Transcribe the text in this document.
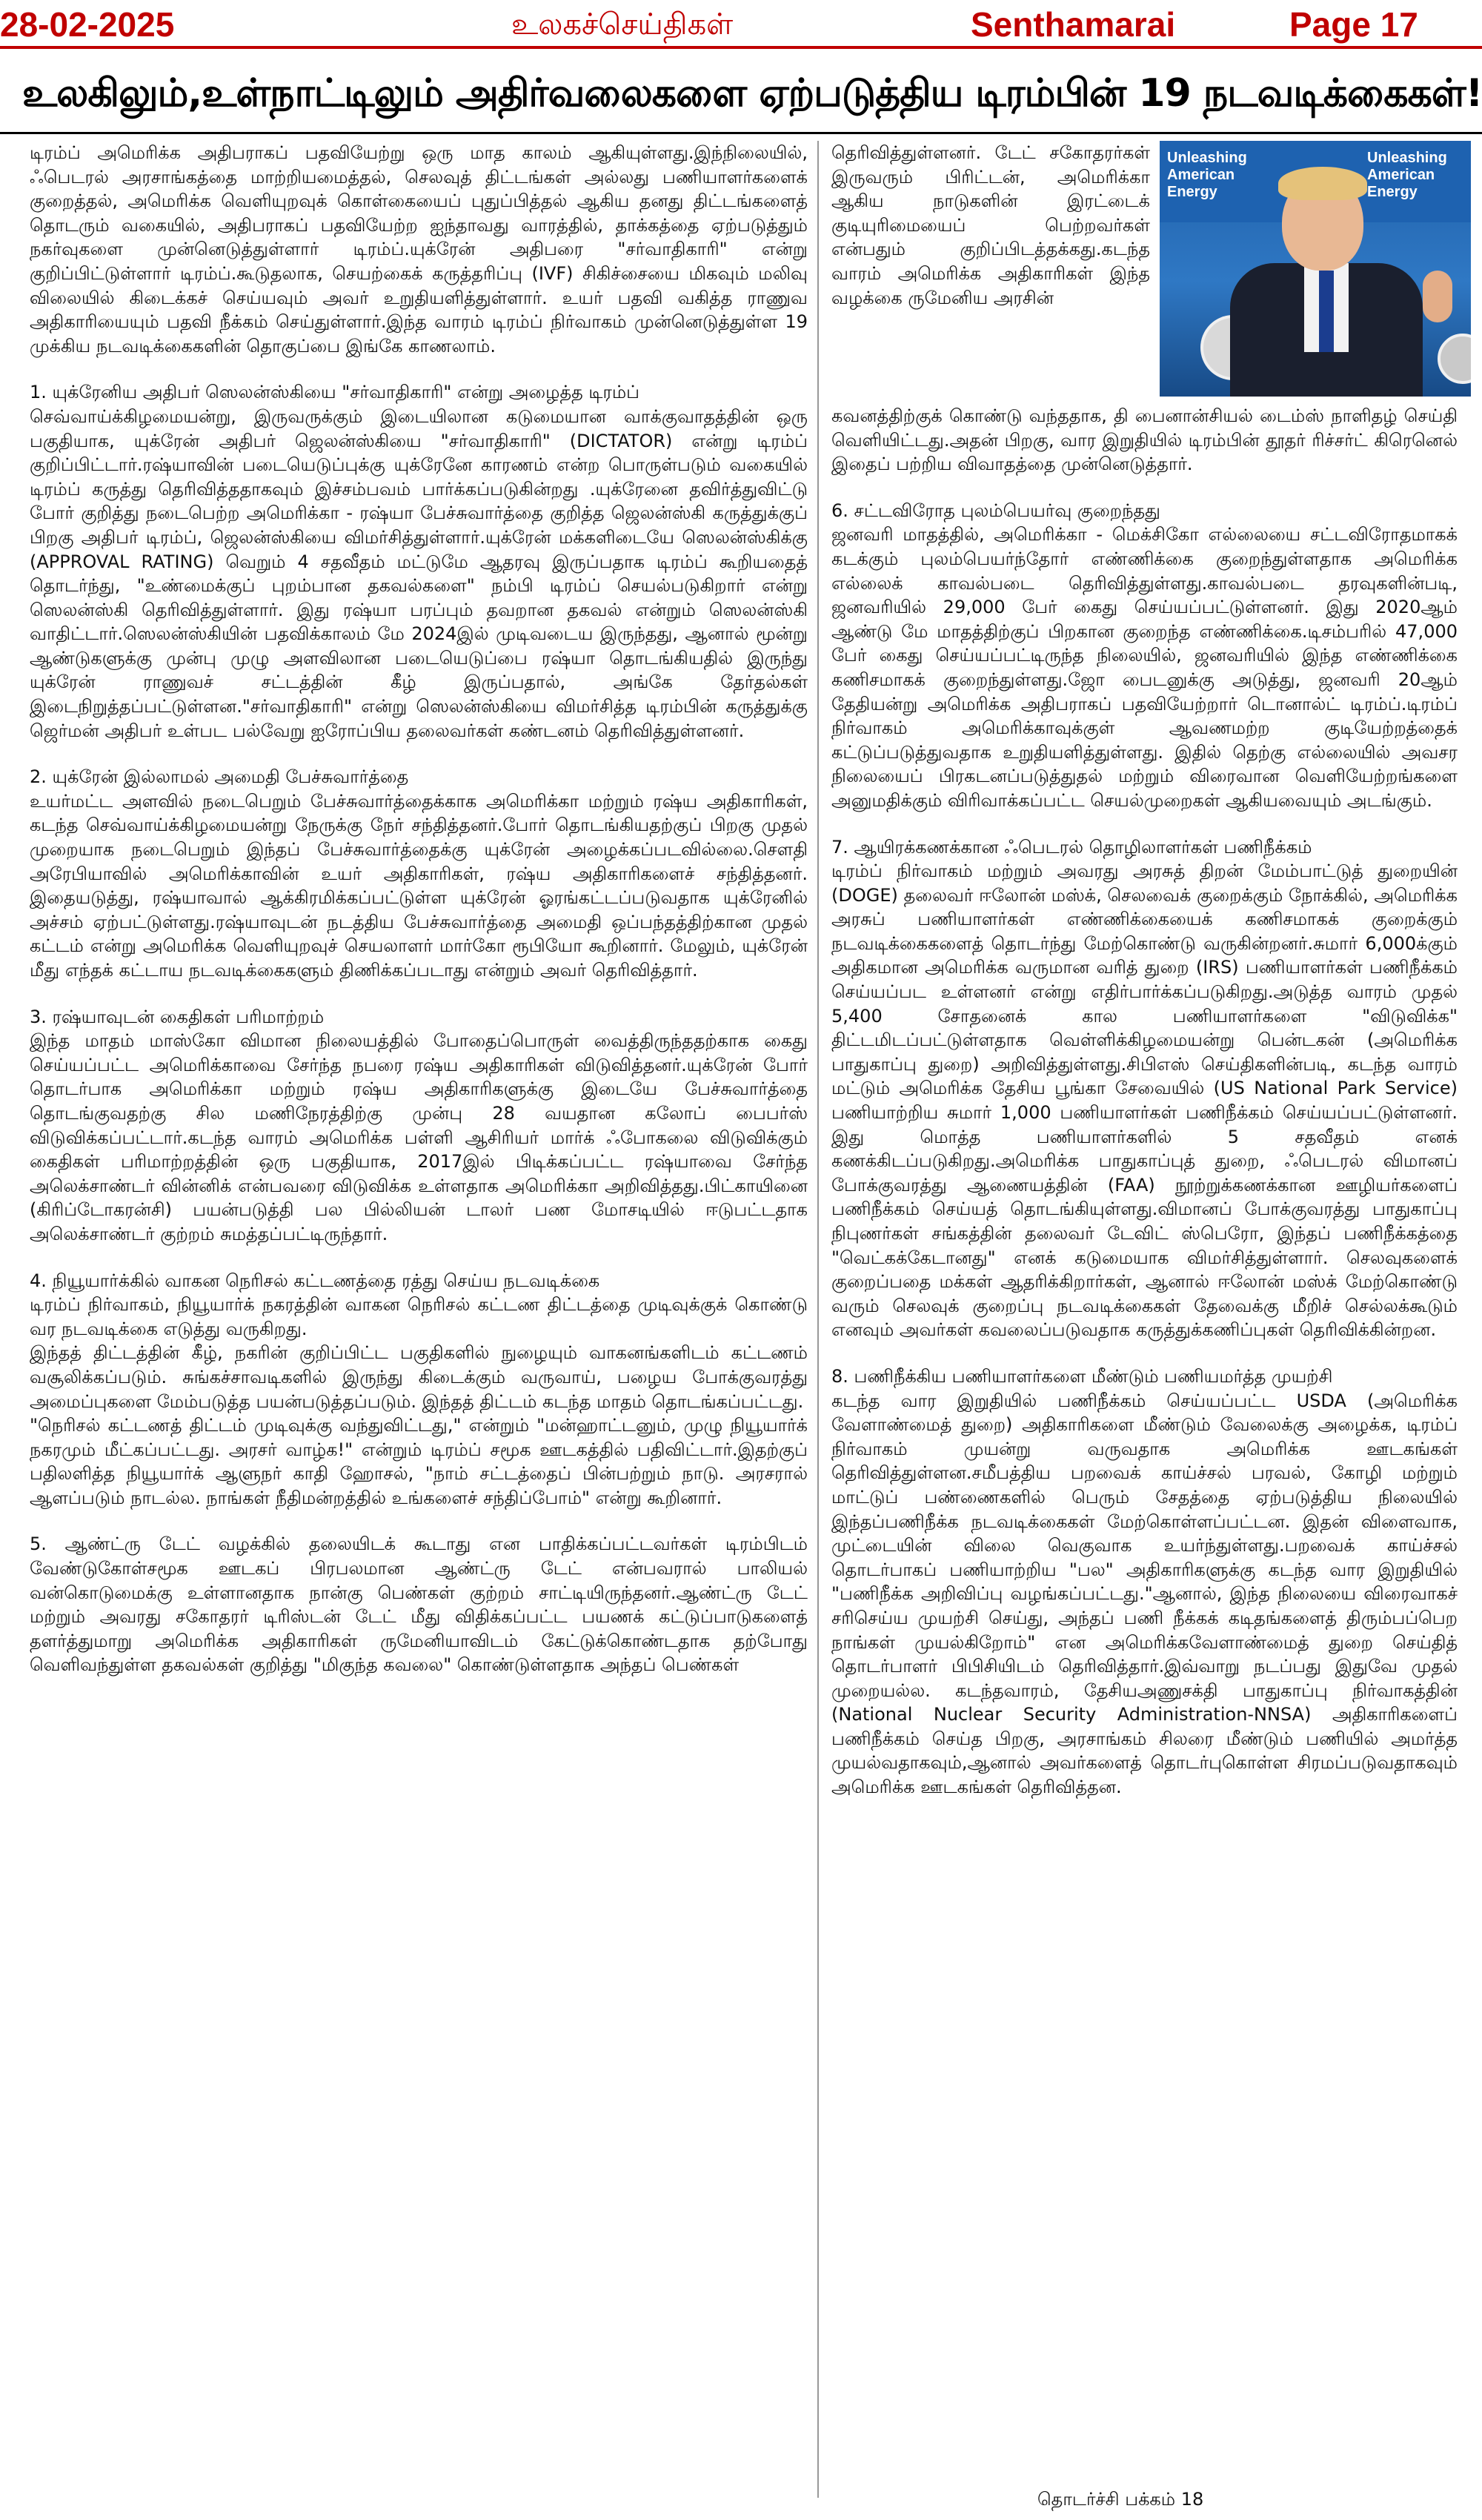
28-02-2025	உலகச்செய்திகள்	Senthamarai	Page 17
உலகிலும்,உள்நாட்டிலும் அதிர்வலைகளை ஏற்படுத்திய டிரம்பின் 19 நடவடிக்கைகள்!

டிரம்ப் அமெரிக்க அதிபராகப் பதவியேற்று ஒரு மாத காலம் ஆகியுள்ளது.இந்நிலையில், ஃபெடரல் அரசாங்கத்தை மாற்றியமைத்தல், செலவுத் திட்டங்கள் அல்லது பணியாளர்களைக் குறைத்தல், அமெரிக்க வெளியுறவுக் கொள்கையைப் புதுப்பித்தல் ஆகிய தனது திட்டங்களைத் தொடரும் வகையில், அதிபராகப் பதவியேற்ற ஐந்தாவது வாரத்தில், தாக்கத்தை ஏற்படுத்தும் நகர்வுகளை முன்னெடுத்துள்ளார் டிரம்ப்.யுக்ரேன் அதிபரை "சர்வாதிகாரி" என்று குறிப்பிட்டுள்ளார் டிரம்ப்.கூடுதலாக, செயற்கைக் கருத்தரிப்பு (IVF) சிகிச்சையை மிகவும் மலிவு விலையில் கிடைக்கச் செய்யவும் அவர் உறுதியளித்துள்ளார். உயர் பதவி வகித்த ராணுவ அதிகாரியையும் பதவி நீக்கம் செய்துள்ளார்.இந்த வாரம் டிரம்ப் நிர்வாகம் முன்னெடுத்துள்ள 19 முக்கிய நடவடிக்கைகளின் தொகுப்பை இங்கே காணலாம்.

1. யுக்ரேனிய அதிபர் ஸெலன்ஸ்கியை "சர்வாதிகாரி" என்று அழைத்த டிரம்ப்
செவ்வாய்க்கிழமையன்று, இருவருக்கும் இடையிலான கடுமையான வாக்குவாதத்தின் ஒரு பகுதியாக, யுக்ரேன் அதிபர் ஜெலன்ஸ்கியை "சர்வாதிகாரி" (DICTATOR) என்று டிரம்ப் குறிப்பிட்டார்.ரஷ்யாவின் படையெடுப்புக்கு யுக்ரேனே காரணம் என்ற பொருள்படும் வகையில் டிரம்ப் கருத்து தெரிவித்ததாகவும் இச்சம்பவம் பார்க்கப்படுகின்றது .யுக்ரேனை தவிர்த்துவிட்டு போர் குறித்து நடைபெற்ற அமெரிக்கா - ரஷ்யா பேச்சுவார்த்தை குறித்த ஜெலன்ஸ்கி கருத்துக்குப் பிறகு அதிபர் டிரம்ப், ஜெலன்ஸ்கியை விமர்சித்துள்ளார்.யுக்ரேன் மக்களிடையே ஸெலன்ஸ்கிக்கு (APPROVAL RATING) வெறும் 4 சதவீதம் மட்டுமே ஆதரவு இருப்பதாக டிரம்ப் கூறியதைத் தொடர்ந்து, "உண்மைக்குப் புறம்பான தகவல்களை" நம்பி டிரம்ப் செயல்படுகிறார் என்று ஸெலன்ஸ்கி தெரிவித்துள்ளார். இது ரஷ்யா பரப்பும் தவறான தகவல் என்றும் ஸெலன்ஸ்கி வாதிட்டார்.ஸெலன்ஸ்கியின் பதவிக்காலம் மே 2024இல் முடிவடைய இருந்தது, ஆனால் மூன்று ஆண்டுகளுக்கு முன்பு முழு அளவிலான படையெடுப்பை ரஷ்யா தொடங்கியதில் இருந்து யுக்ரேன் ராணுவச் சட்டத்தின் கீழ் இருப்பதால், அங்கே தேர்தல்கள் இடைநிறுத்தப்பட்டுள்ளன."சர்வாதிகாரி" என்று ஸெலன்ஸ்கியை விமர்சித்த டிரம்பின் கருத்துக்கு ஜெர்மன் அதிபர் உள்பட பல்வேறு ஐரோப்பிய தலைவர்கள் கண்டனம் தெரிவித்துள்ளனர்.

2. யுக்ரேன் இல்லாமல் அமைதி பேச்சுவார்த்தை
உயர்மட்ட அளவில் நடைபெறும் பேச்சுவார்த்தைக்காக அமெரிக்கா மற்றும் ரஷ்ய அதிகாரிகள், கடந்த செவ்வாய்க்கிழமையன்று நேருக்கு நேர் சந்தித்தனர்.போர் தொடங்கியதற்குப் பிறகு முதல் முறையாக நடைபெறும் இந்தப் பேச்சுவார்த்தைக்கு யுக்ரேன் அழைக்கப்படவில்லை.சௌதி அரேபியாவில் அமெரிக்காவின் உயர் அதிகாரிகள், ரஷ்ய அதிகாரிகளைச் சந்தித்தனர். இதையடுத்து, ரஷ்யாவால் ஆக்கிரமிக்கப்பட்டுள்ள யுக்ரேன் ஓரங்கட்டப்படுவதாக யுக்ரேனில் அச்சம் ஏற்பட்டுள்ளது.ரஷ்யாவுடன் நடத்திய பேச்சுவார்த்தை அமைதி ஒப்பந்தத்திற்கான முதல் கட்டம் என்று அமெரிக்க வெளியுறவுச் செயலாளர் மார்கோ ரூபியோ கூறினார். மேலும், யுக்ரேன் மீது எந்தக் கட்டாய நடவடிக்கைகளும் திணிக்கப்படாது என்றும் அவர் தெரிவித்தார்.

3. ரஷ்யாவுடன் கைதிகள் பரிமாற்றம்
இந்த மாதம் மாஸ்கோ விமான நிலையத்தில் போதைப்பொருள் வைத்திருந்ததற்காக கைது செய்யப்பட்ட அமெரிக்காவை சேர்ந்த நபரை ரஷ்ய அதிகாரிகள் விடுவித்தனர்.யுக்ரேன் போர் தொடர்பாக அமெரிக்கா மற்றும் ரஷ்ய அதிகாரிகளுக்கு இடையே பேச்சுவார்த்தை தொடங்குவதற்கு சில மணிநேரத்திற்கு முன்பு 28 வயதான கலோப் பைபர்ஸ் விடுவிக்கப்பட்டார்.கடந்த வாரம் அமெரிக்க பள்ளி ஆசிரியர் மார்க் ஃபோகலை விடுவிக்கும் கைதிகள் பரிமாற்றத்தின் ஒரு பகுதியாக, 2017இல் பிடிக்கப்பட்ட ரஷ்யாவை சேர்ந்த அலெக்சாண்டர் வின்னிக் என்பவரை விடுவிக்க உள்ளதாக அமெரிக்கா அறிவித்தது.பிட்காயினை (கிரிப்டோகரன்சி) பயன்படுத்தி பல பில்லியன் டாலர் பண மோசடியில் ஈடுபட்டதாக அலெக்சாண்டர் குற்றம் சுமத்தப்பட்டிருந்தார்.

4. நியூயார்க்கில் வாகன நெரிசல் கட்டணத்தை ரத்து செய்ய நடவடிக்கை
டிரம்ப் நிர்வாகம், நியூயார்க் நகரத்தின் வாகன நெரிசல் கட்டண திட்டத்தை முடிவுக்குக் கொண்டு வர நடவடிக்கை எடுத்து வருகிறது.
இந்தத் திட்டத்தின் கீழ், நகரின் குறிப்பிட்ட பகுதிகளில் நுழையும் வாகனங்களிடம் கட்டணம் வசூலிக்கப்படும். சுங்கச்சாவடிகளில் இருந்து கிடைக்கும் வருவாய், பழைய போக்குவரத்து அமைப்புகளை மேம்படுத்த பயன்படுத்தப்படும். இந்தத் திட்டம் கடந்த மாதம் தொடங்கப்பட்டது.
"நெரிசல் கட்டணத் திட்டம் முடிவுக்கு வந்துவிட்டது," என்றும் "மன்ஹாட்டனும், முழு நியூயார்க் நகரமும் மீட்கப்பட்டது. அரசர் வாழ்க!" என்றும் டிரம்ப் சமூக ஊடகத்தில் பதிவிட்டார்.இதற்குப் பதிலளித்த நியூயார்க் ஆளுநர் காதி ஹோசல், "நாம் சட்டத்தைப் பின்பற்றும் நாடு. அரசரால் ஆளப்படும் நாடல்ல. நாங்கள் நீதிமன்றத்தில் உங்களைச் சந்திப்போம்" என்று கூறினார்.

5. ஆண்ட்ரு டேட் வழக்கில் தலையிடக் கூடாது என பாதிக்கப்பட்டவர்கள் டிரம்பிடம் வேண்டுகோள்சமூக ஊடகப் பிரபலமான ஆண்ட்ரு டேட் என்பவரால் பாலியல் வன்கொடுமைக்கு உள்ளானதாக நான்கு பெண்கள் குற்றம் சாட்டியிருந்தனர்.ஆண்ட்ரு டேட் மற்றும் அவரது சகோதரர் டிரிஸ்டன் டேட் மீது விதிக்கப்பட்ட பயணக் கட்டுப்பாடுகளைத் தளர்த்துமாறு அமெரிக்க அதிகாரிகள் ருமேனியாவிடம் கேட்டுக்கொண்டதாக தற்போது வெளிவந்துள்ள தகவல்கள் குறித்து "மிகுந்த கவலை" கொண்டுள்ளதாக அந்தப் பெண்கள்

தெரிவித்துள்ளனர். டேட் சகோதரர்கள் இருவரும் பிரிட்டன், அமெரிக்கா ஆகிய நாடுகளின் இரட்டைக் குடியுரிமையைப் பெற்றவர்கள் என்பதும் குறிப்பிடத்தக்கது.கடந்த வாரம் அமெரிக்க அதிகாரிகள் இந்த வழக்கை ருமேனிய அரசின்
Unleashing
American
Energy
Unleashing
American
Energy

கவனத்திற்குக் கொண்டு வந்ததாக, தி பைனான்சியல் டைம்ஸ் நாளிதழ் செய்தி வெளியிட்டது.அதன் பிறகு, வார இறுதியில் டிரம்பின் தூதர் ரிச்சர்ட் கிரெனெல் இதைப் பற்றிய விவாதத்தை முன்னெடுத்தார்.

6. சட்டவிரோத புலம்பெயர்வு குறைந்தது
ஜனவரி மாதத்தில், அமெரிக்கா - மெக்சிகோ எல்லையை சட்டவிரோதமாகக் கடக்கும் புலம்பெயர்ந்தோர் எண்ணிக்கை குறைந்துள்ளதாக அமெரிக்க எல்லைக் காவல்படை தெரிவித்துள்ளது.காவல்படை தரவுகளின்படி, ஜனவரியில் 29,000 பேர் கைது செய்யப்பட்டுள்ளனர். இது 2020ஆம் ஆண்டு மே மாதத்திற்குப் பிறகான குறைந்த எண்ணிக்கை.டிசம்பரில் 47,000 பேர் கைது செய்யப்பட்டிருந்த நிலையில், ஜனவரியில் இந்த எண்ணிக்கை கணிசமாகக் குறைந்துள்ளது.ஜோ பைடனுக்கு அடுத்து, ஜனவரி 20ஆம் தேதியன்று அமெரிக்க அதிபராகப் பதவியேற்றார் டொனால்ட் டிரம்ப்.டிரம்ப் நிர்வாகம் அமெரிக்காவுக்குள் ஆவணமற்ற குடியேற்றத்தைக் கட்டுப்படுத்துவதாக உறுதியளித்துள்ளது. இதில் தெற்கு எல்லையில் அவசர நிலையைப் பிரகடனப்படுத்துதல் மற்றும் விரைவான வெளியேற்றங்களை அனுமதிக்கும் விரிவாக்கப்பட்ட செயல்முறைகள் ஆகியவையும் அடங்கும்.

7. ஆயிரக்கணக்கான ஃபெடரல் தொழிலாளர்கள் பணிநீக்கம்
டிரம்ப் நிர்வாகம் மற்றும் அவரது அரசுத் திறன் மேம்பாட்டுத் துறையின் (DOGE) தலைவர் ஈலோன் மஸ்க், செலவைக் குறைக்கும் நோக்கில், அமெரிக்க அரசுப் பணியாளர்கள் எண்ணிக்கையைக் கணிசமாகக் குறைக்கும் நடவடிக்கைகளைத் தொடர்ந்து மேற்கொண்டு வருகின்றனர்.சுமார் 6,000க்கும் அதிகமான அமெரிக்க வருமான வரித் துறை (IRS) பணியாளர்கள் பணிநீக்கம் செய்யப்பட உள்ளனர் என்று எதிர்பார்க்கப்படுகிறது.அடுத்த வாரம் முதல் 5,400 சோதனைக் கால பணியாளர்களை "விடுவிக்க" திட்டமிடப்பட்டுள்ளதாக வெள்ளிக்கிழமையன்று பென்டகன் (அமெரிக்க பாதுகாப்பு துறை) அறிவித்துள்ளது.சிபிஎஸ் செய்திகளின்படி, கடந்த வாரம் மட்டும் அமெரிக்க தேசிய பூங்கா சேவையில் (US National Park Service) பணியாற்றிய சுமார் 1,000 பணியாளர்கள் பணிநீக்கம் செய்யப்பட்டுள்ளனர். இது மொத்த பணியாளர்களில் 5 சதவீதம் எனக் கணக்கிடப்படுகிறது.அமெரிக்க பாதுகாப்புத் துறை, ஃபெடரல் விமானப் போக்குவரத்து ஆணையத்தின் (FAA) நூற்றுக்கணக்கான ஊழியர்களைப் பணிநீக்கம் செய்யத் தொடங்கியுள்ளது.விமானப் போக்குவரத்து பாதுகாப்பு நிபுணர்கள் சங்கத்தின் தலைவர் டேவிட் ஸ்பெரோ, இந்தப் பணிநீக்கத்தை "வெட்கக்கேடானது" எனக் கடுமையாக விமர்சித்துள்ளார். செலவுகளைக் குறைப்பதை மக்கள் ஆதரிக்கிறார்கள், ஆனால் ஈலோன் மஸ்க் மேற்கொண்டு வரும் செலவுக் குறைப்பு நடவடிக்கைகள் தேவைக்கு மீறிச் செல்லக்கூடும் எனவும் அவர்கள் கவலைப்படுவதாக கருத்துக்கணிப்புகள் தெரிவிக்கின்றன.

8. பணிநீக்கிய பணியாளர்களை மீண்டும் பணியமர்த்த முயற்சி
கடந்த வார இறுதியில் பணிநீக்கம் செய்யப்பட்ட USDA (அமெரிக்க வேளாண்மைத் துறை) அதிகாரிகளை மீண்டும் வேலைக்கு அழைக்க, டிரம்ப் நிர்வாகம் முயன்று வருவதாக அமெரிக்க ஊடகங்கள் தெரிவித்துள்ளன.சமீபத்திய பறவைக் காய்ச்சல் பரவல், கோழி மற்றும் மாட்டுப் பண்ணைகளில் பெரும் சேதத்தை ஏற்படுத்திய நிலையில் இந்தப்பணிநீக்க நடவடிக்கைகள் மேற்கொள்ளப்பட்டன. இதன் விளைவாக, முட்டையின் விலை வெகுவாக உயர்ந்துள்ளது.பறவைக் காய்ச்சல் தொடர்பாகப் பணியாற்றிய "பல" அதிகாரிகளுக்கு கடந்த வார இறுதியில் "பணிநீக்க அறிவிப்பு வழங்கப்பட்டது."ஆனால், இந்த நிலையை விரைவாகச் சரிசெய்ய முயற்சி செய்து, அந்தப் பணி நீக்கக் கடிதங்களைத் திரும்பப்பெற நாங்கள் முயல்கிறோம்" என அமெரிக்கவேளாண்மைத் துறை செய்தித் தொடர்பாளர் பிபிசியிடம் தெரிவித்தார்.இவ்வாறு நடப்பது இதுவே முதல் முறையல்ல. கடந்தவாரம், தேசியஅணுசக்தி பாதுகாப்பு நிர்வாகத்தின் (National Nuclear Security Administration-NNSA) அதிகாரிகளைப் பணிநீக்கம் செய்த பிறகு, அரசாங்கம் சிலரை மீண்டும் பணியில் அமர்த்த முயல்வதாகவும்,ஆனால் அவர்களைத் தொடர்புகொள்ள சிரமப்படுவதாகவும் அமெரிக்க ஊடகங்கள் தெரிவித்தன.

தொடர்ச்சி பக்கம் 18
